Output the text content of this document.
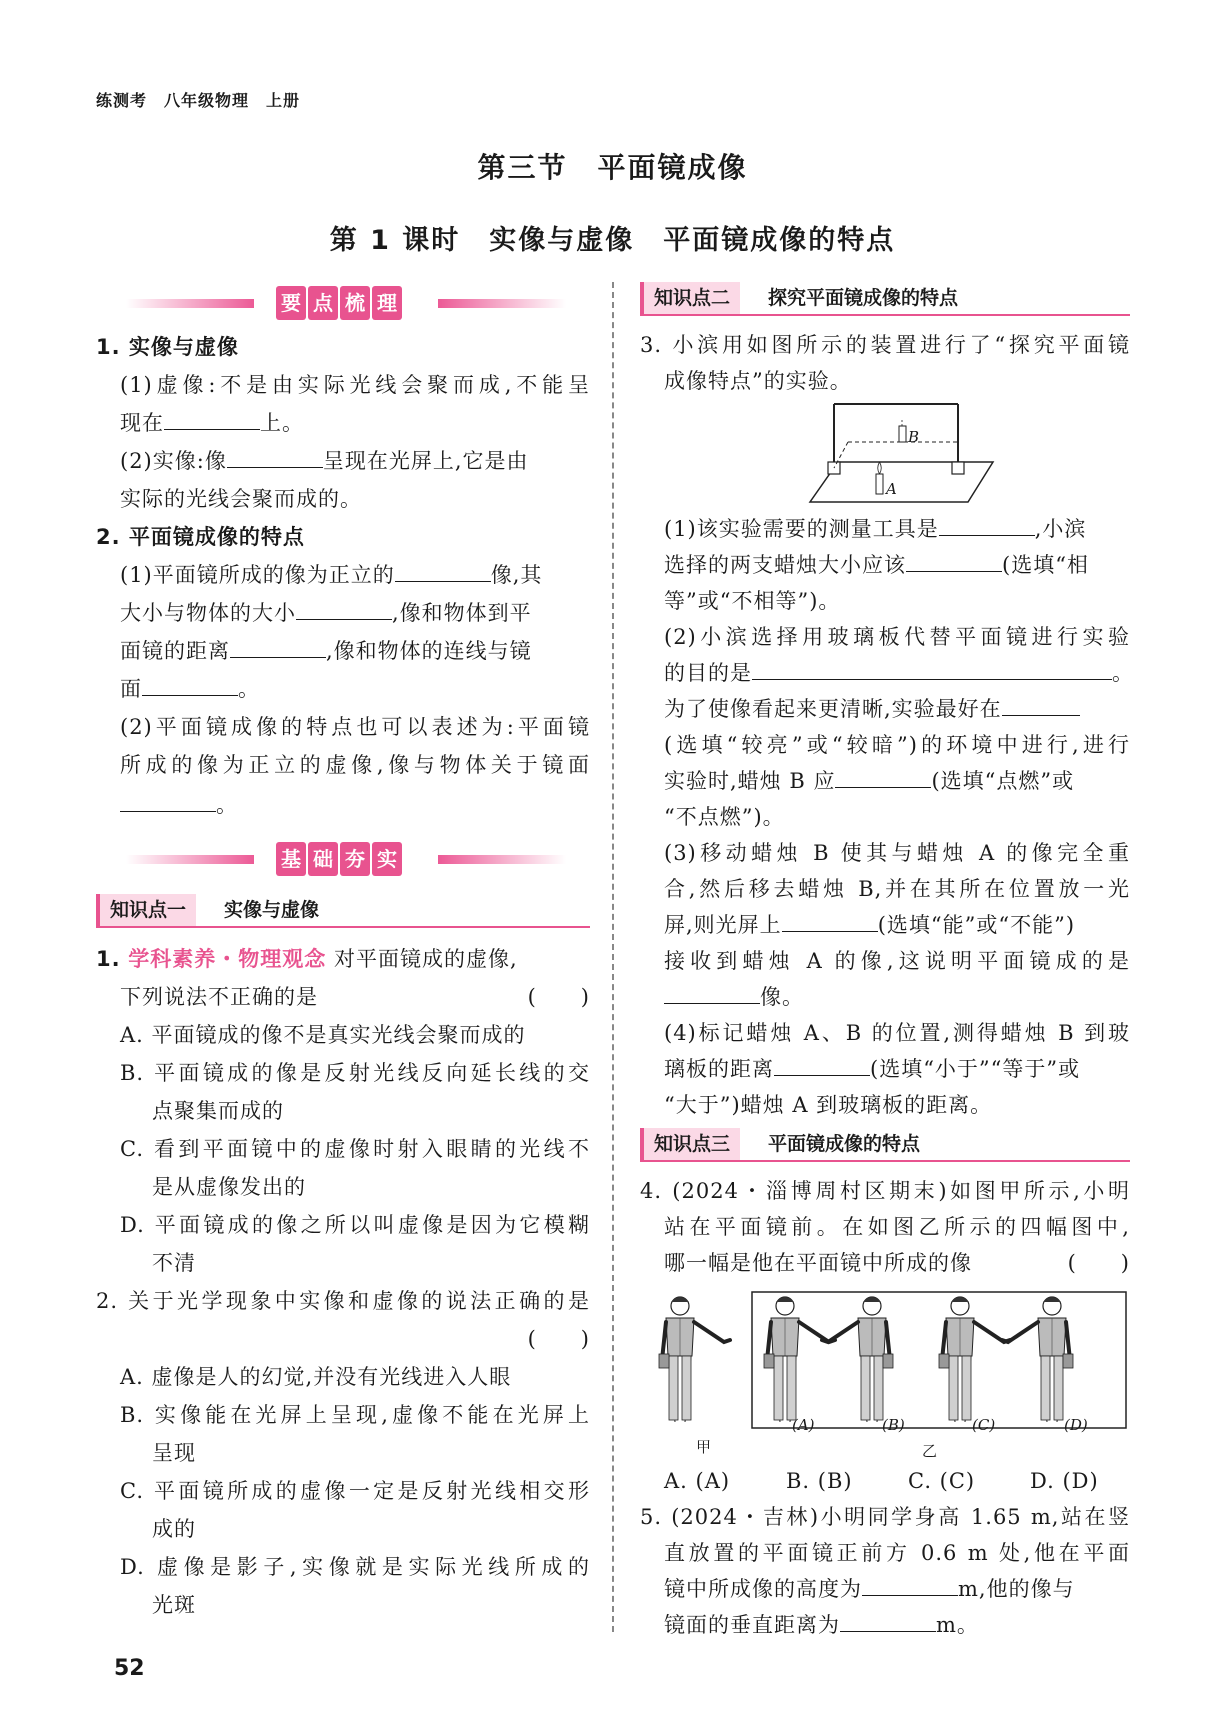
练测考　八年级物理　上册
第三节　平面镜成像
第 1 课时　实像与虚像　平面镜成像的特点
要 点 梳 理
1. 实像与虚像
(1)虚像:不是由实际光线会聚而成,不能呈
现在	上。
(2)实像:像	呈现在光屏上,它是由
实际的光线会聚而成的。
2. 平面镜成像的特点
(1)平面镜所成的像为正立的	像,其
大小与物体的大小	,像和物体到平
面镜的距离	,像和物体的连线与镜
面	。
(2)平面镜成像的特点也可以表述为:平面镜
所成的像为正立的虚像,像与物体关于镜面
。
基 础 夯 实
知识点一	实像与虚像
1. 学科素养・物理观念 对平面镜成的虚像,
下列说法不正确的是	(　　)
A. 平面镜成的像不是真实光线会聚而成的
B. 平面镜成的像是反射光线反向延长线的交
点聚集而成的
C. 看到平面镜中的虚像时射入眼睛的光线不
是从虚像发出的
D. 平面镜成的像之所以叫虚像是因为它模糊
不清
2. 关于光学现象中实像和虚像的说法正确的是
(　　)
A. 虚像是人的幻觉,并没有光线进入人眼
B. 实像能在光屏上呈现,虚像不能在光屏上
呈现
C. 平面镜所成的虚像一定是反射光线相交形
成的
D. 虚像是影子,实像就是实际光线所成的
光斑
知识点二	探究平面镜成像的特点
3. 小滨用如图所示的装置进行了“探究平面镜
成像特点”的实验。
B
A
(1)该实验需要的测量工具是	,小滨
选择的两支蜡烛大小应该	(选填“相
等”或“不相等”)。
(2)小滨选择用玻璃板代替平面镜进行实验
的目的是	。
为了使像看起来更清晰,实验最好在
(选填“较亮”或“较暗”)的环境中进行,进行
实验时,蜡烛 B 应	(选填“点燃”或
“不点燃”)。
(3)移动蜡烛 B 使其与蜡烛 A 的像完全重
合,然后移去蜡烛 B,并在其所在位置放一光
屏,则光屏上	(选填“能”或“不能”)
接收到蜡烛 A 的像,这说明平面镜成的是
像。
(4)标记蜡烛 A、B 的位置,测得蜡烛 B 到玻
璃板的距离	(选填“小于”“等于”或
“大于”)蜡烛 A 到玻璃板的距离。
知识点三	平面镜成像的特点
4. (2024・淄博周村区期末)如图甲所示,小明
站在平面镜前。在如图乙所示的四幅图中,
哪一幅是他在平面镜中所成的像	(　　)
甲	乙
(A)	(B)	(C)	(D)
A. (A)	B. (B)	C. (C)	D. (D)
5. (2024・吉林)小明同学身高 1.65 m,站在竖
直放置的平面镜正前方 0.6 m 处,他在平面
镜中所成像的高度为	m,他的像与
镜面的垂直距离为	m。
52
